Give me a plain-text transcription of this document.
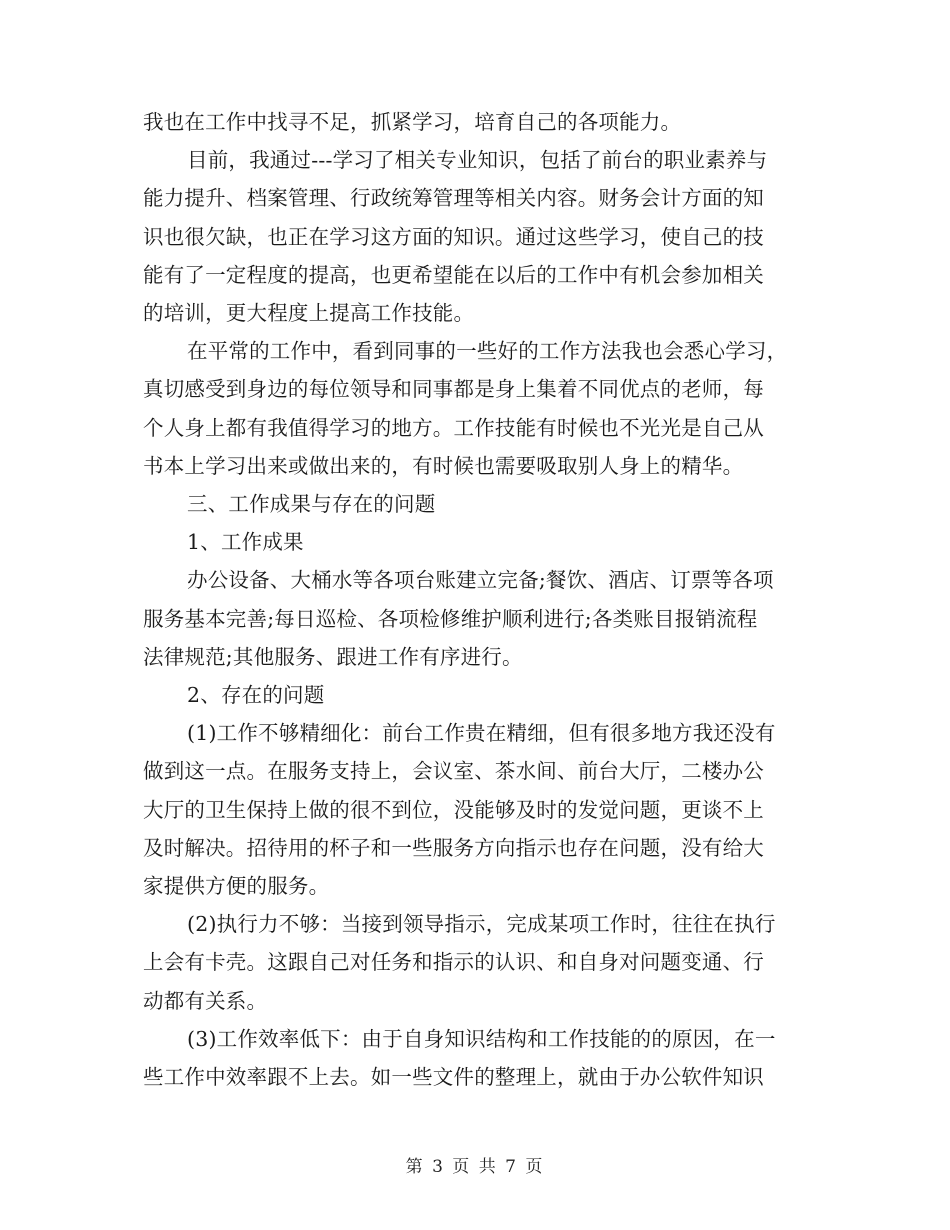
我也在工作中找寻不足，抓紧学习，培育自己的各项能力。
目前，我通过---学习了相关专业知识，包括了前台的职业素养与
能力提升、档案管理、行政统筹管理等相关内容。财务会计方面的知
识也很欠缺，也正在学习这方面的知识。通过这些学习，使自己的技
能有了一定程度的提高，也更希望能在以后的工作中有机会参加相关
的培训，更大程度上提高工作技能。
在平常的工作中，看到同事的一些好的工作方法我也会悉心学习，
真切感受到身边的每位领导和同事都是身上集着不同优点的老师，每
个人身上都有我值得学习的地方。工作技能有时候也不光光是自己从
书本上学习出来或做出来的，有时候也需要吸取别人身上的精华。
三、工作成果与存在的问题
1、工作成果
办公设备、大桶水等各项台账建立完备;餐饮、酒店、订票等各项
服务基本完善;每日巡检、各项检修维护顺利进行;各类账目报销流程
法律规范;其他服务、跟进工作有序进行。
2、存在的问题
(1)工作不够精细化：前台工作贵在精细，但有很多地方我还没有
做到这一点。在服务支持上，会议室、茶水间、前台大厅，二楼办公
大厅的卫生保持上做的很不到位，没能够及时的发觉问题，更谈不上
及时解决。招待用的杯子和一些服务方向指示也存在问题，没有给大
家提供方便的服务。
(2)执行力不够：当接到领导指示，完成某项工作时，往往在执行
上会有卡壳。这跟自己对任务和指示的认识、和自身对问题变通、行
动都有关系。
(3)工作效率低下：由于自身知识结构和工作技能的的原因，在一
些工作中效率跟不上去。如一些文件的整理上，就由于办公软件知识
第 3 页 共 7 页
